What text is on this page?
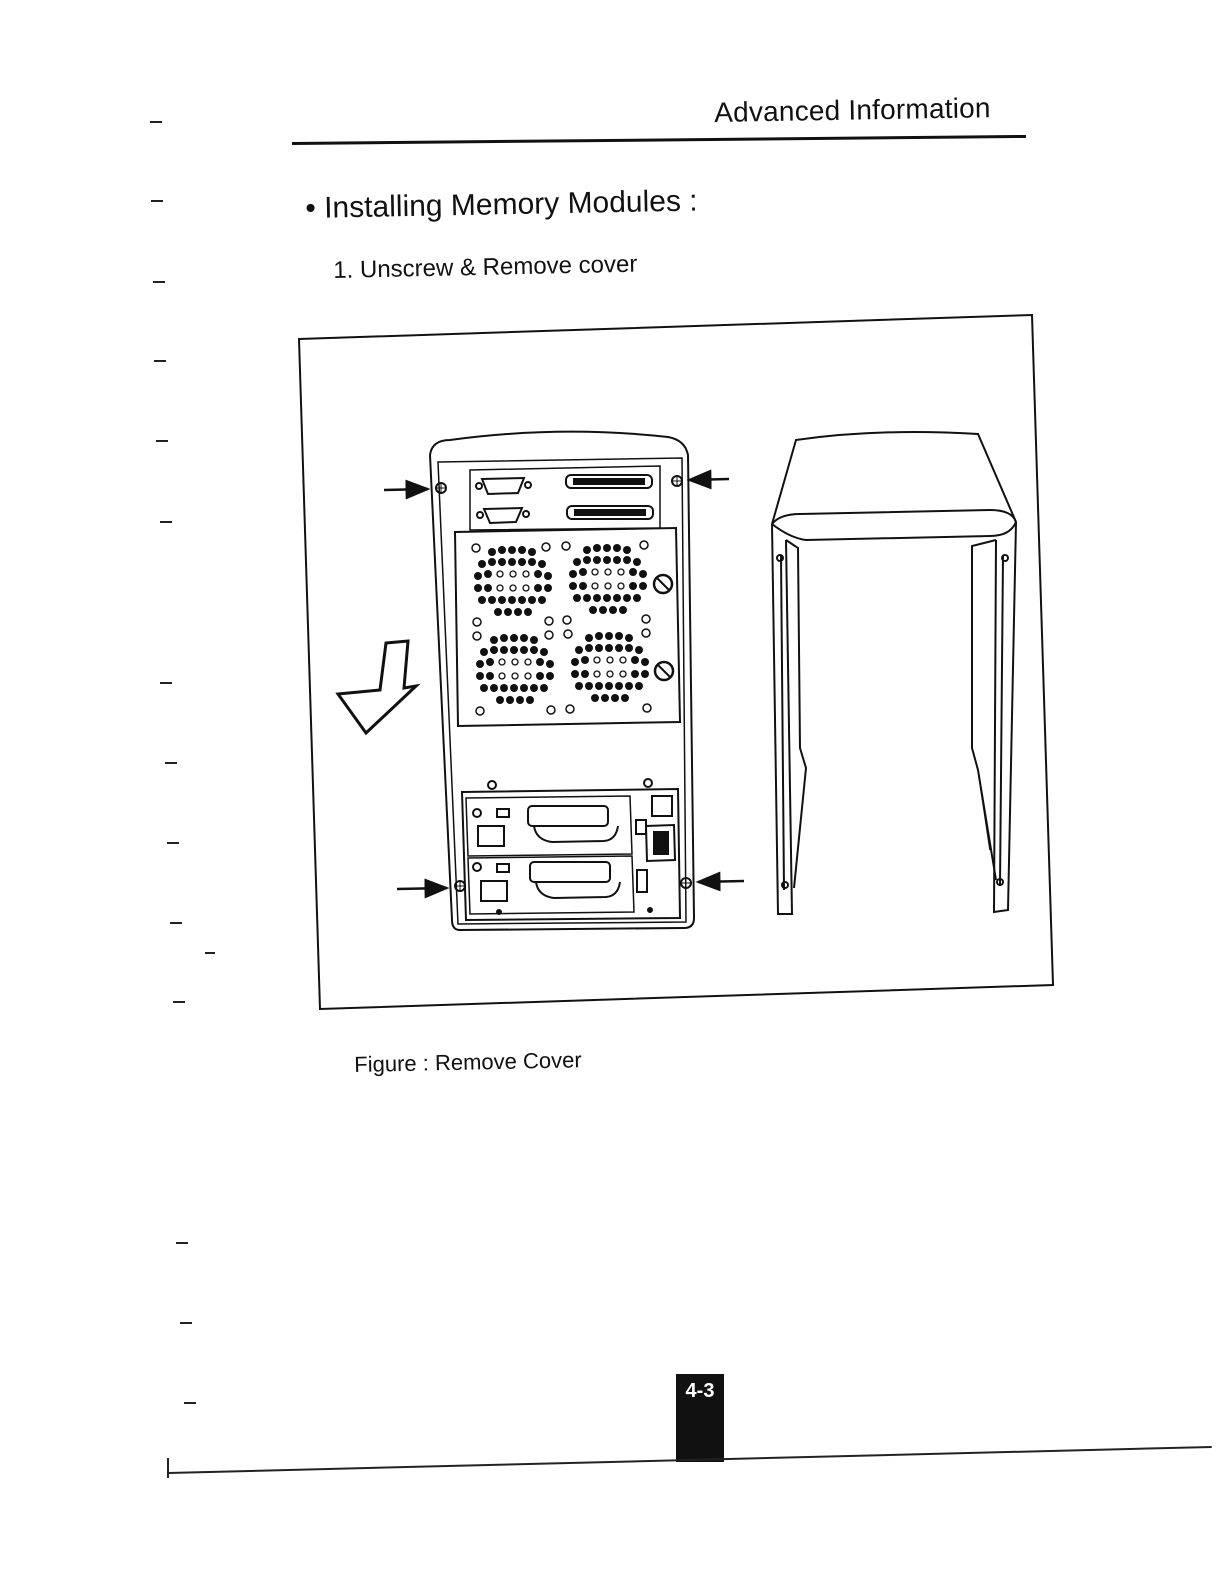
Advanced Information
• Installing Memory Modules :
1. Unscrew & Remove cover
Figure : Remove Cover
4-3
